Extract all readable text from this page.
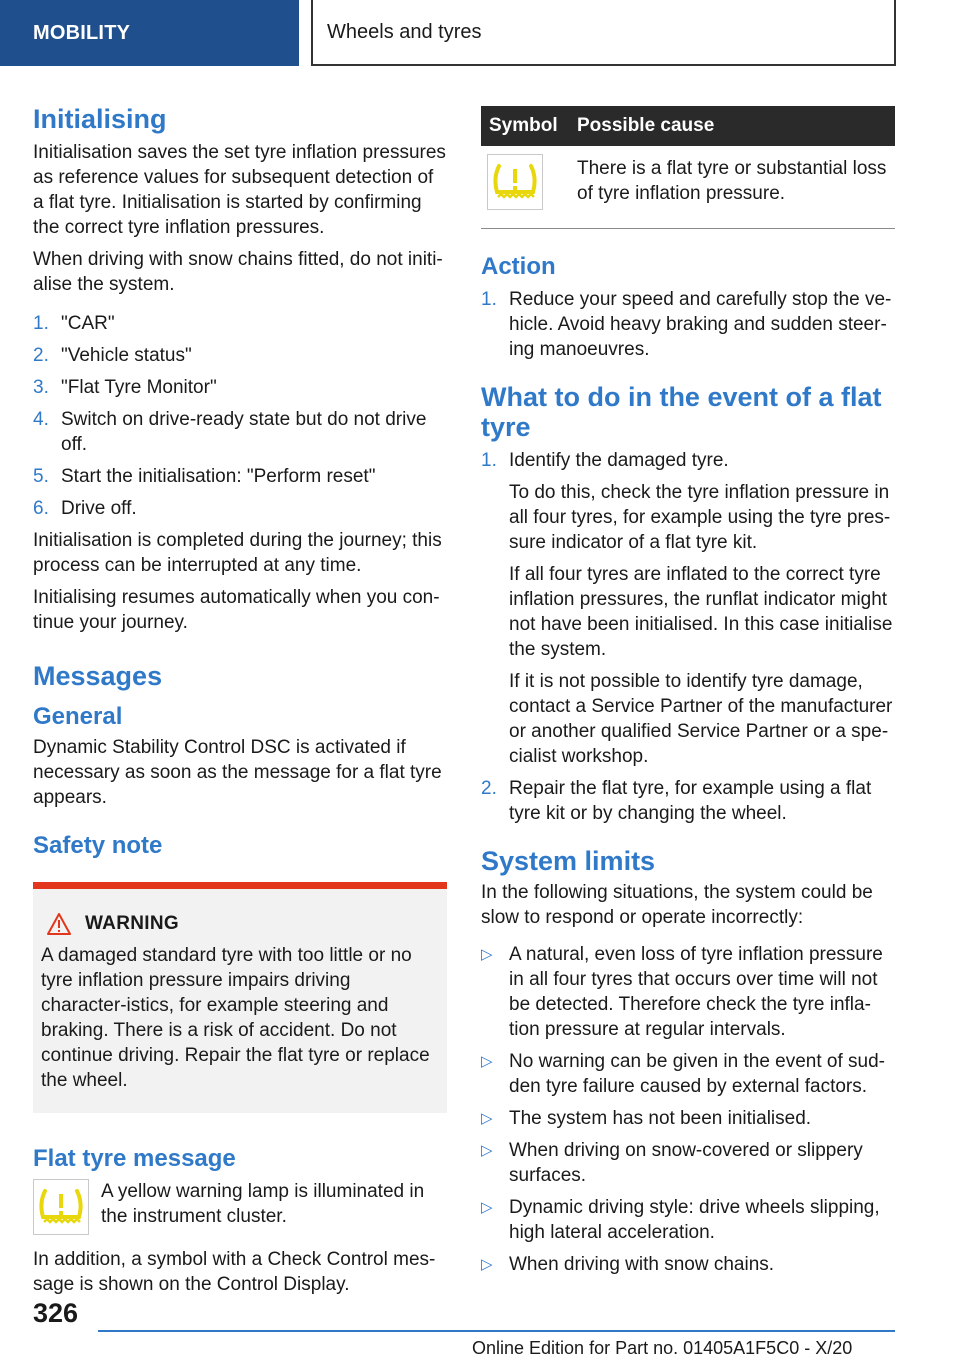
MOBILITY	Wheels and tyres
Initialising

Initialisation saves the set tyre inflation pressures as reference values for subsequent detection of a flat tyre. Initialisation is started by confirming the correct tyre inflation pressures.

When driving with snow chains fitted, do not initi-alise the system.

1. "CAR"
2. "Vehicle status"
3. "Flat Tyre Monitor"
4. Switch on drive-ready state but do not drive off.
5. Start the initialisation: "Perform reset"
6. Drive off.

Initialisation is completed during the journey; this process can be interrupted at any time.

Initialising resumes automatically when you con-tinue your journey.

Messages
General

Dynamic Stability Control DSC is activated if necessary as soon as the message for a flat tyre appears.

Safety note
WARNING

A damaged standard tyre with too little or no tyre inflation pressure impairs driving character-istics, for example steering and braking. There is a risk of accident. Do not continue driving. Repair the flat tyre or replace the wheel.

Flat tyre message

A yellow warning lamp is illuminated in the instrument cluster.

In addition, a symbol with a Check Control mes-sage is shown on the Control Display.

Symbol	Possible cause

	There is a flat tyre or substantial loss of tyre inflation pressure.
Action
1. Reduce your speed and carefully stop the ve-hicle. Avoid heavy braking and sudden steer-ing manoeuvres.
What to do in the event of a flat tyre
1. Identify the damaged tyre.

To do this, check the tyre inflation pressure in all four tyres, for example using the tyre pres-sure indicator of a flat tyre kit.

If all four tyres are inflated to the correct tyre inflation pressures, the runflat indicator might not have been initialised. In this case initialise the system.

If it is not possible to identify tyre damage, contact a Service Partner of the manufacturer or another qualified Service Partner or a spe-cialist workshop.

2. Repair the flat tyre, for example using a flat tyre kit or by changing the wheel.
System limits

In the following situations, the system could be slow to respond or operate incorrectly:

▷ A natural, even loss of tyre inflation pressure in all four tyres that occurs over time will not be detected. Therefore check the tyre infla-tion pressure at regular intervals.
▷ No warning can be given in the event of sud-den tyre failure caused by external factors.
▷ The system has not been initialised.
▷ When driving on snow-covered or slippery surfaces.
▷ Dynamic driving style: drive wheels slipping, high lateral acceleration.
▷ When driving with snow chains.
326
Online Edition for Part no. 01405A1F5C0 - X/20
